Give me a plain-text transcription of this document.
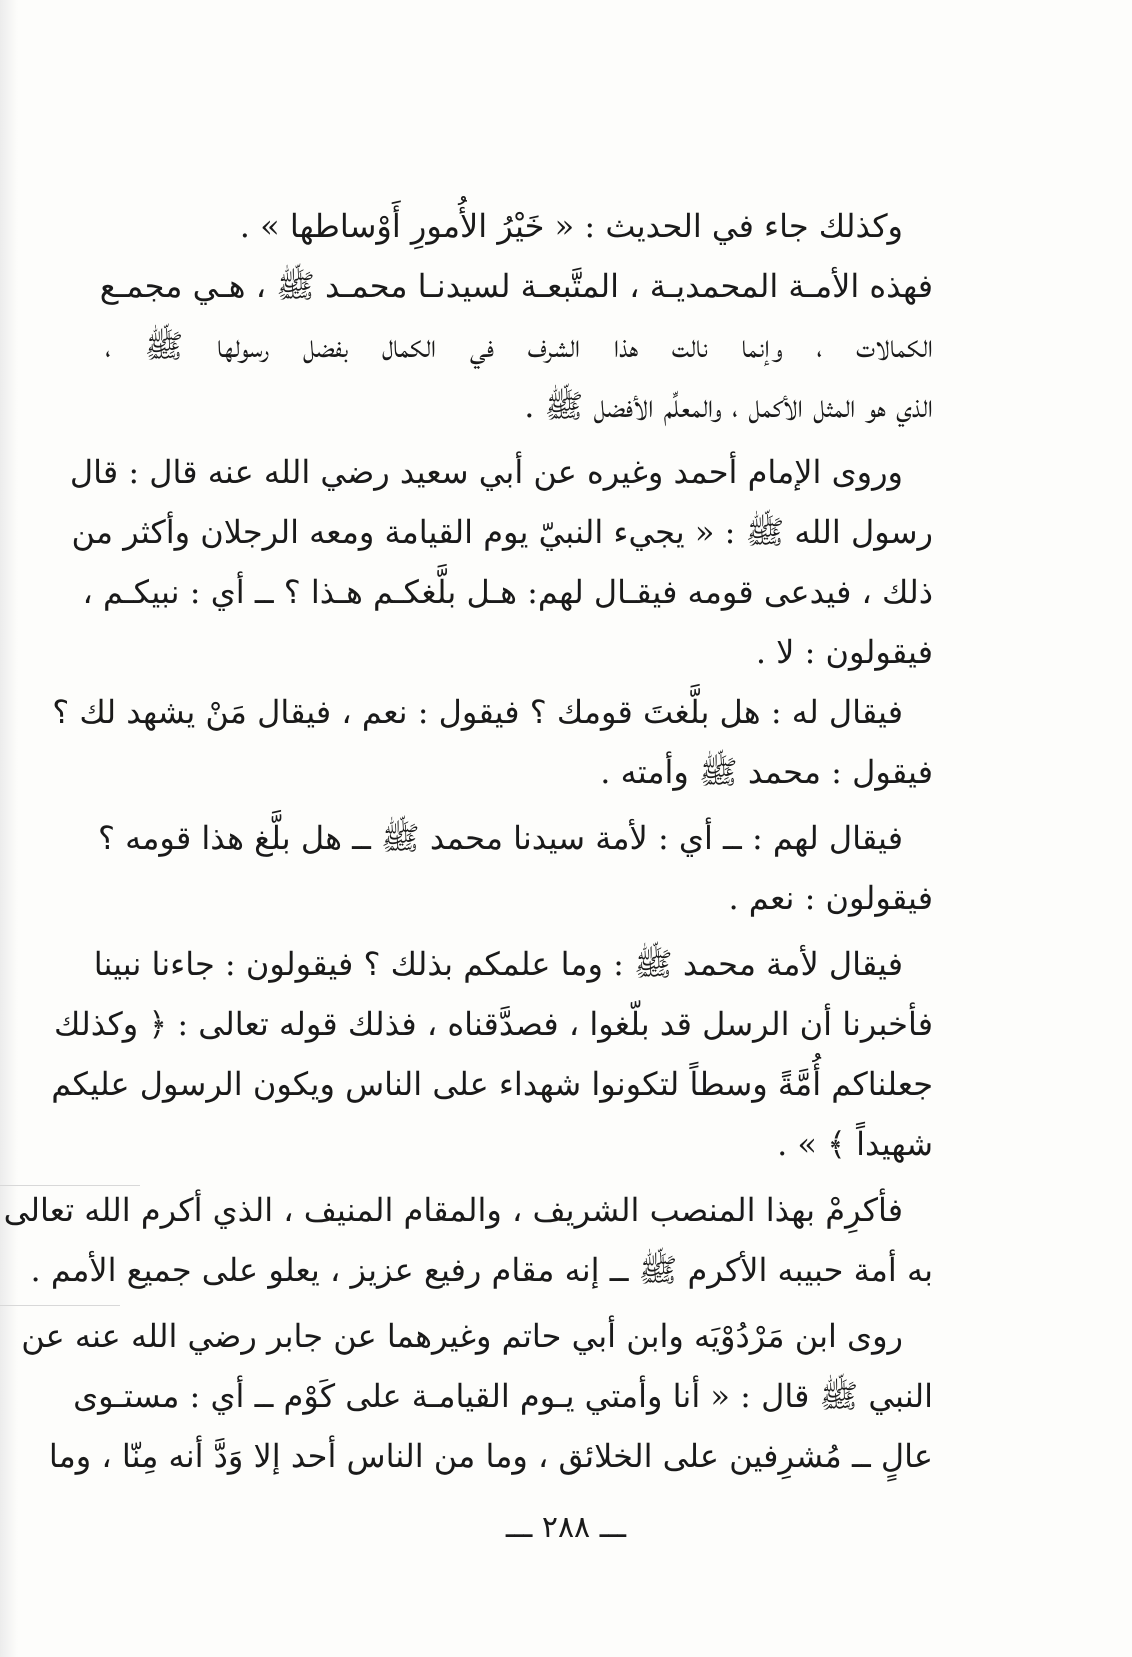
وكذلك جاء في الحديث : « خَيْرُ الأُمورِ أَوْساطها » .
فهذه الأمـة المحمديـة ، المتَّبعـة لسيدنـا محمـد ﷺ ، هـي مجمـع
الكمالات ، وإنما نالت هذا الشرف في الكمال بفضل رسولها ﷺ ،
الذي هو المثل الأكمل ، والمعلِّم الأفضل ﷺ .
وروى الإمام أحمد وغيره عن أبي سعيد رضي الله عنه قال : قال
رسول الله ﷺ : « يجيء النبيّ يوم القيامة ومعه الرجلان وأكثر من
ذلك ، فيدعى قومه فيقـال لهم: هـل بلَّغكـم هـذا ؟ ــ أي : نبيكـم ،
فيقولون : لا .
فيقال له : هل بلَّغتَ قومك ؟ فيقول : نعم ، فيقال مَنْ يشهد لك ؟
فيقول : محمد ﷺ وأمته .
فيقال لهم : ــ أي : لأمة سيدنا محمد ﷺ ــ هل بلَّغ هذا قومه ؟
فيقولون : نعم .
فيقال لأمة محمد ﷺ : وما علمكم بذلك ؟ فيقولون : جاءنا نبينا
فأخبرنا أن الرسل قد بلّغوا ، فصدَّقناه ، فذلك قوله تعالى : ﴿ وكذلك
جعلناكم أُمَّةً وسطاً لتكونوا شهداء على الناس ويكون الرسول عليكم
شهيداً ﴾ » .
فأكرِمْ بهذا المنصب الشريف ، والمقام المنيف ، الذي أكرم الله تعالى
به أمة حبيبه الأكرم ﷺ ــ إنه مقام رفيع عزيز ، يعلو على جميع الأمم .
روى ابن مَرْدُوْيَه وابن أبي حاتم وغيرهما عن جابر رضي الله عنه عن
النبي ﷺ قال : « أنا وأمتي يـوم القيامـة على كَوْم ــ أي : مستـوى
عالٍ ــ مُشرِفين على الخلائق ، وما من الناس أحد إلا وَدَّ أنه مِنّا ، وما
ـــ ٢٨٨ ـــ
